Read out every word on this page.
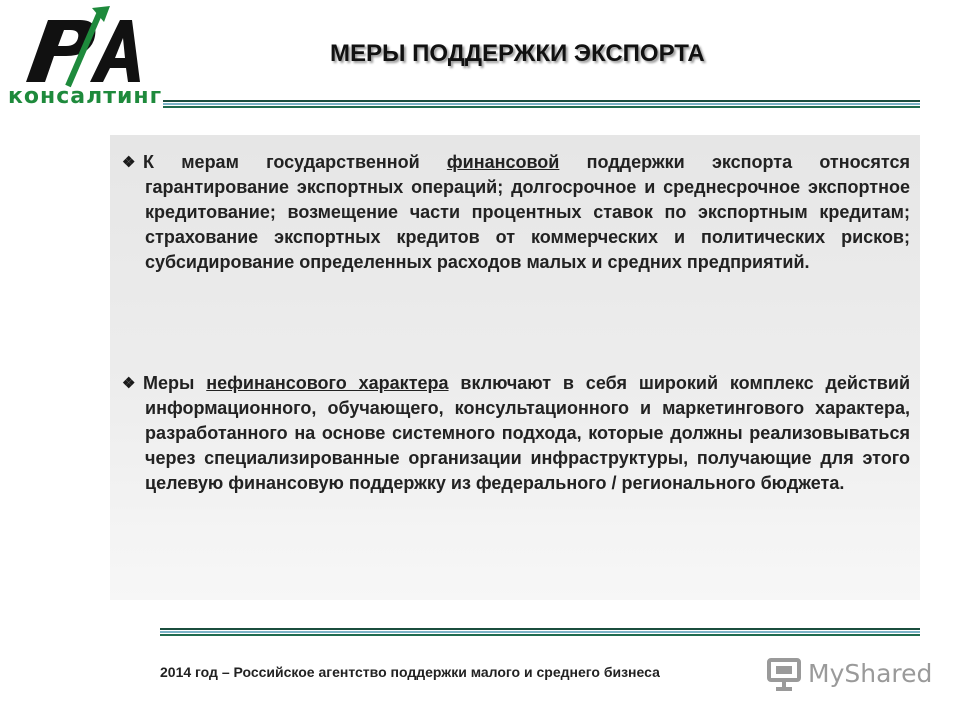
консалтинг
МЕРЫ ПОДДЕРЖКИ ЭКСПОРТА
❖ К мерам государственной финансовой поддержки экспорта относятся гарантирование экспортных операций; долгосрочное и среднесрочное экспортное кредитование; возмещение части процентных ставок по экспортным кредитам; страхование экспортных кредитов от коммерческих и политических рисков; субсидирование определенных расходов малых и средних предприятий.
❖ Меры нефинансового характера включают в себя широкий комплекс действий информационного, обучающего, консультационного и маркетингового характера, разработанного на основе системного подхода, которые должны реализовываться через специализированные организации инфраструктуры, получающие для этого целевую финансовую поддержку из федерального / регионального бюджета.
2014 год – Российское агентство поддержки малого и среднего бизнеса	MyShared
